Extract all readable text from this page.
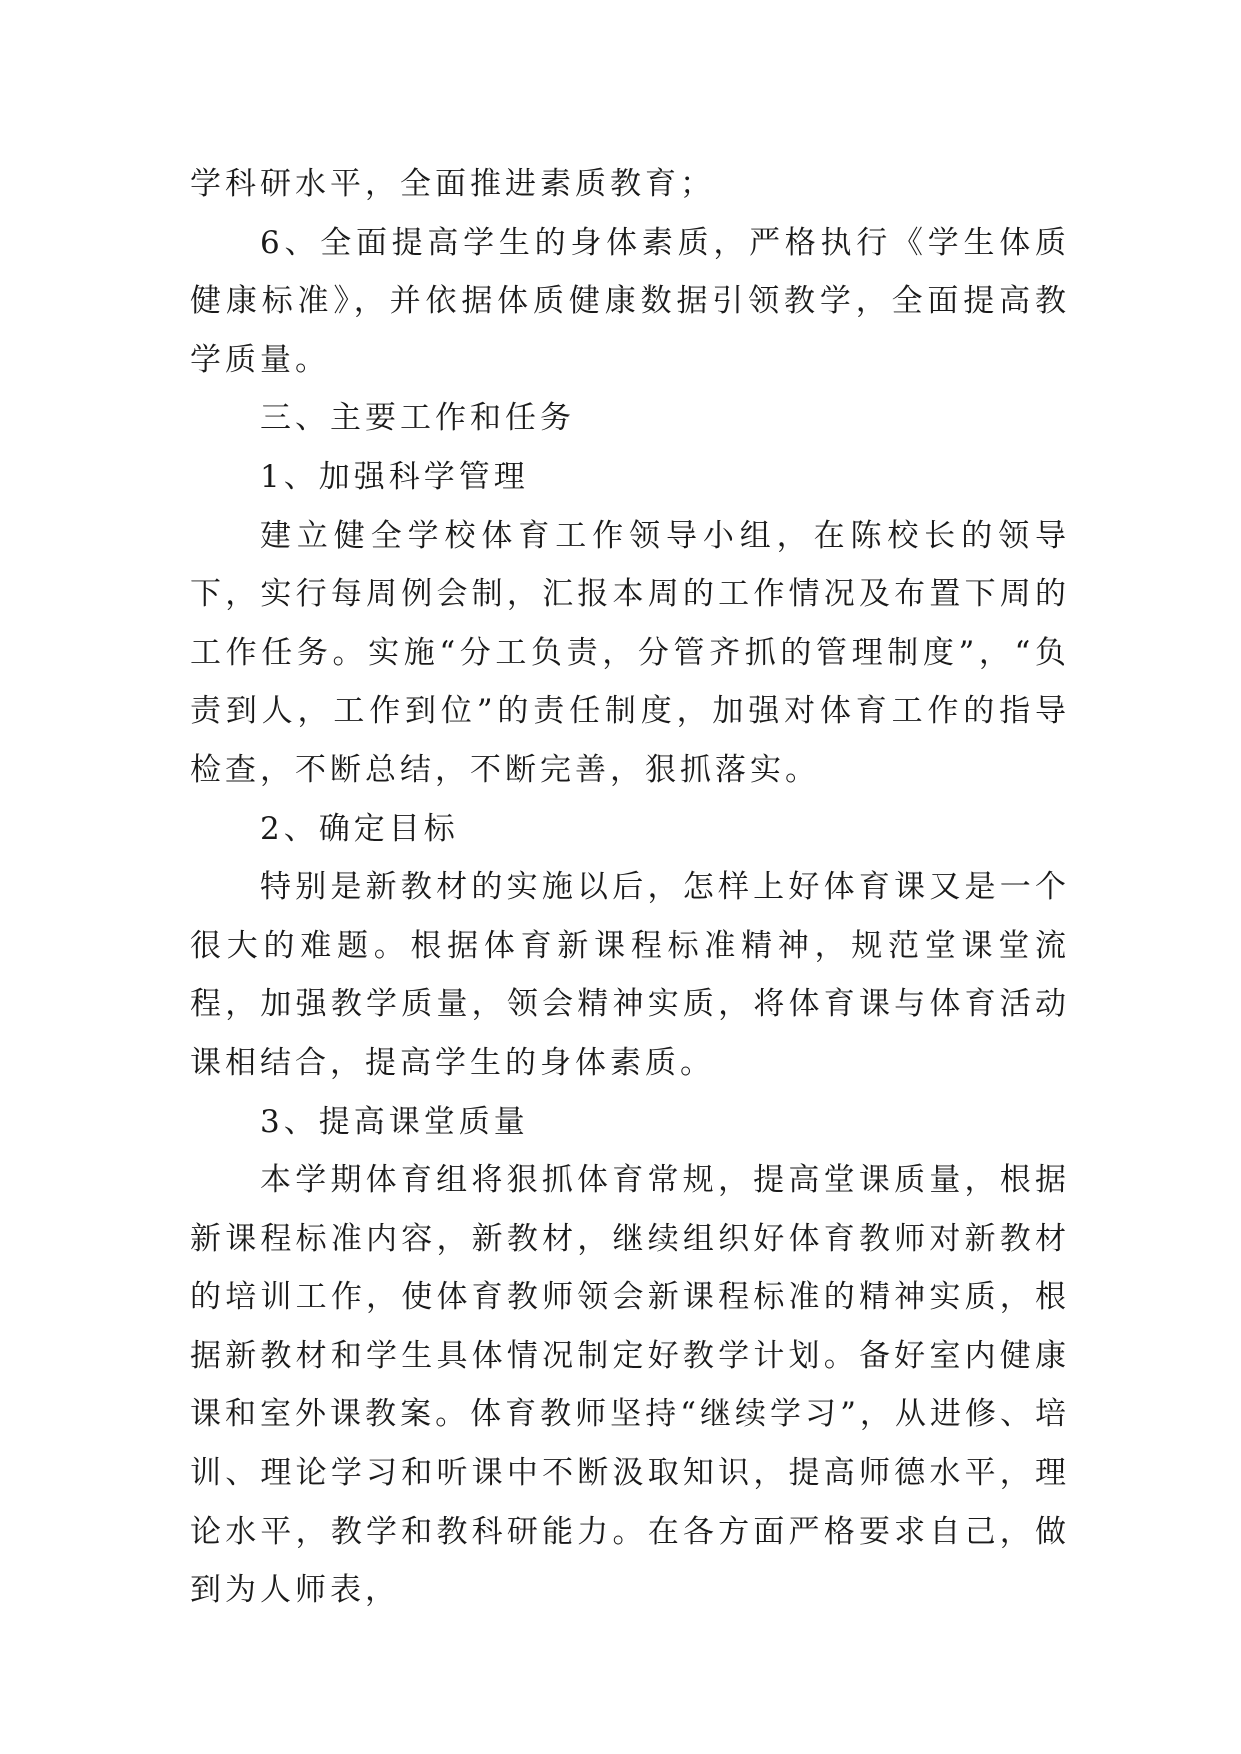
学科研水平，全面推进素质教育；

6、全面提高学生的身体素质，严格执行《学生体质健康标准》，并依据体质健康数据引领教学，全面提高教学质量。

三、主要工作和任务

1、加强科学管理

建立健全学校体育工作领导小组，在陈校长的领导下，实行每周例会制，汇报本周的工作情况及布置下周的工作任务。实施“分工负责，分管齐抓的管理制度”，“负责到人，工作到位”的责任制度，加强对体育工作的指导检查，不断总结，不断完善，狠抓落实。

2、确定目标

特别是新教材的实施以后，怎样上好体育课又是一个很大的难题。根据体育新课程标准精神，规范堂课堂流程，加强教学质量，领会精神实质，将体育课与体育活动课相结合，提高学生的身体素质。

3、提高课堂质量

本学期体育组将狠抓体育常规，提高堂课质量，根据新课程标准内容，新教材，继续组织好体育教师对新教材的培训工作，使体育教师领会新课程标准的精神实质，根据新教材和学生具体情况制定好教学计划。备好室内健康课和室外课教案。体育教师坚持“继续学习”，从进修、培训、理论学习和听课中不断汲取知识，提高师德水平，理论水平，教学和教科研能力。在各方面严格要求自己，做到为人师表，
